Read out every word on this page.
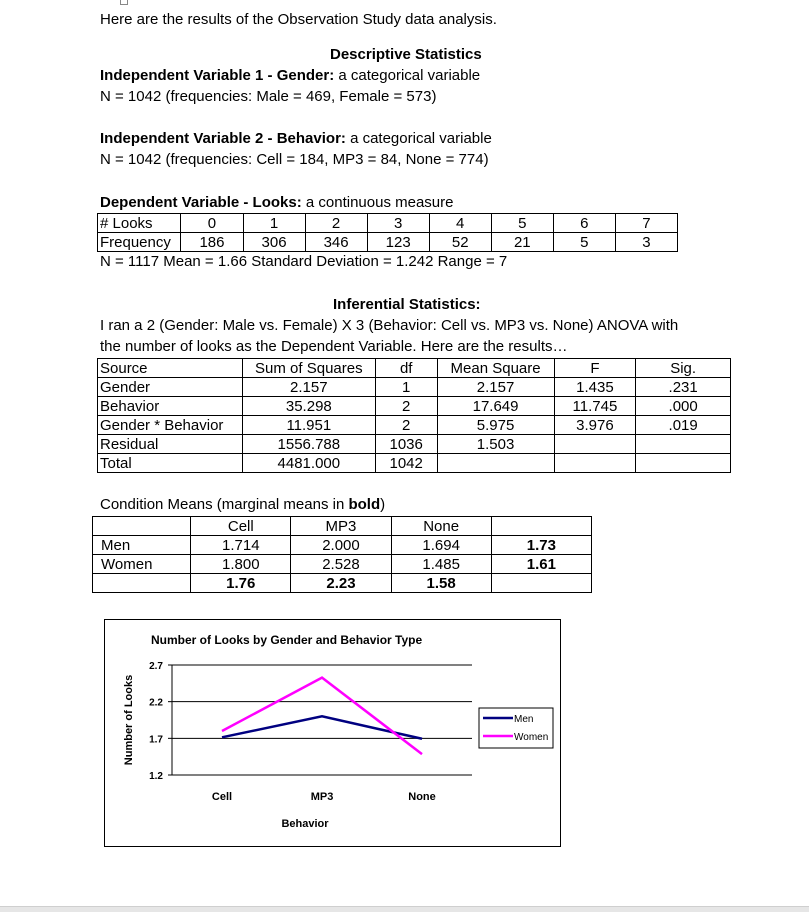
Here are the results of the Observation Study data analysis.
Descriptive Statistics
Independent Variable 1 - Gender: a categorical variable
N = 1042 (frequencies: Male = 469, Female = 573)
Independent Variable 2 - Behavior: a categorical variable
N = 1042 (frequencies: Cell = 184, MP3 = 84, None = 774)
Dependent Variable - Looks: a continuous measure
# Looks	0	1	2	3	4	5	6	7
Frequency	186	306	346	123	52	21	5	3
N = 1117 Mean = 1.66 Standard Deviation = 1.242 Range = 7
Inferential Statistics:
I ran a 2 (Gender: Male vs. Female) X 3 (Behavior: Cell vs. MP3 vs. None) ANOVA with
the number of looks as the Dependent Variable. Here are the results…
Source	Sum of Squares	df	Mean Square	F	Sig.
Gender	2.157	1	2.157	1.435	.231
Behavior	35.298	2	17.649	11.745	.000
Gender * Behavior	11.951	2	5.975	3.976	.019
Residual	1556.788	1036	1.503		
Total	4481.000	1042			
Condition Means (marginal means in bold)
	Cell	MP3	None	
Men	1.714	2.000	1.694	1.73
Women	1.800	2.528	1.485	1.61
	1.76	2.23	1.58	
Number of Looks by Gender and Behavior Type
1.2
1.7
2.2
2.7
Cell	MP3	None
Behavior
Number of Looks	Men
Women
